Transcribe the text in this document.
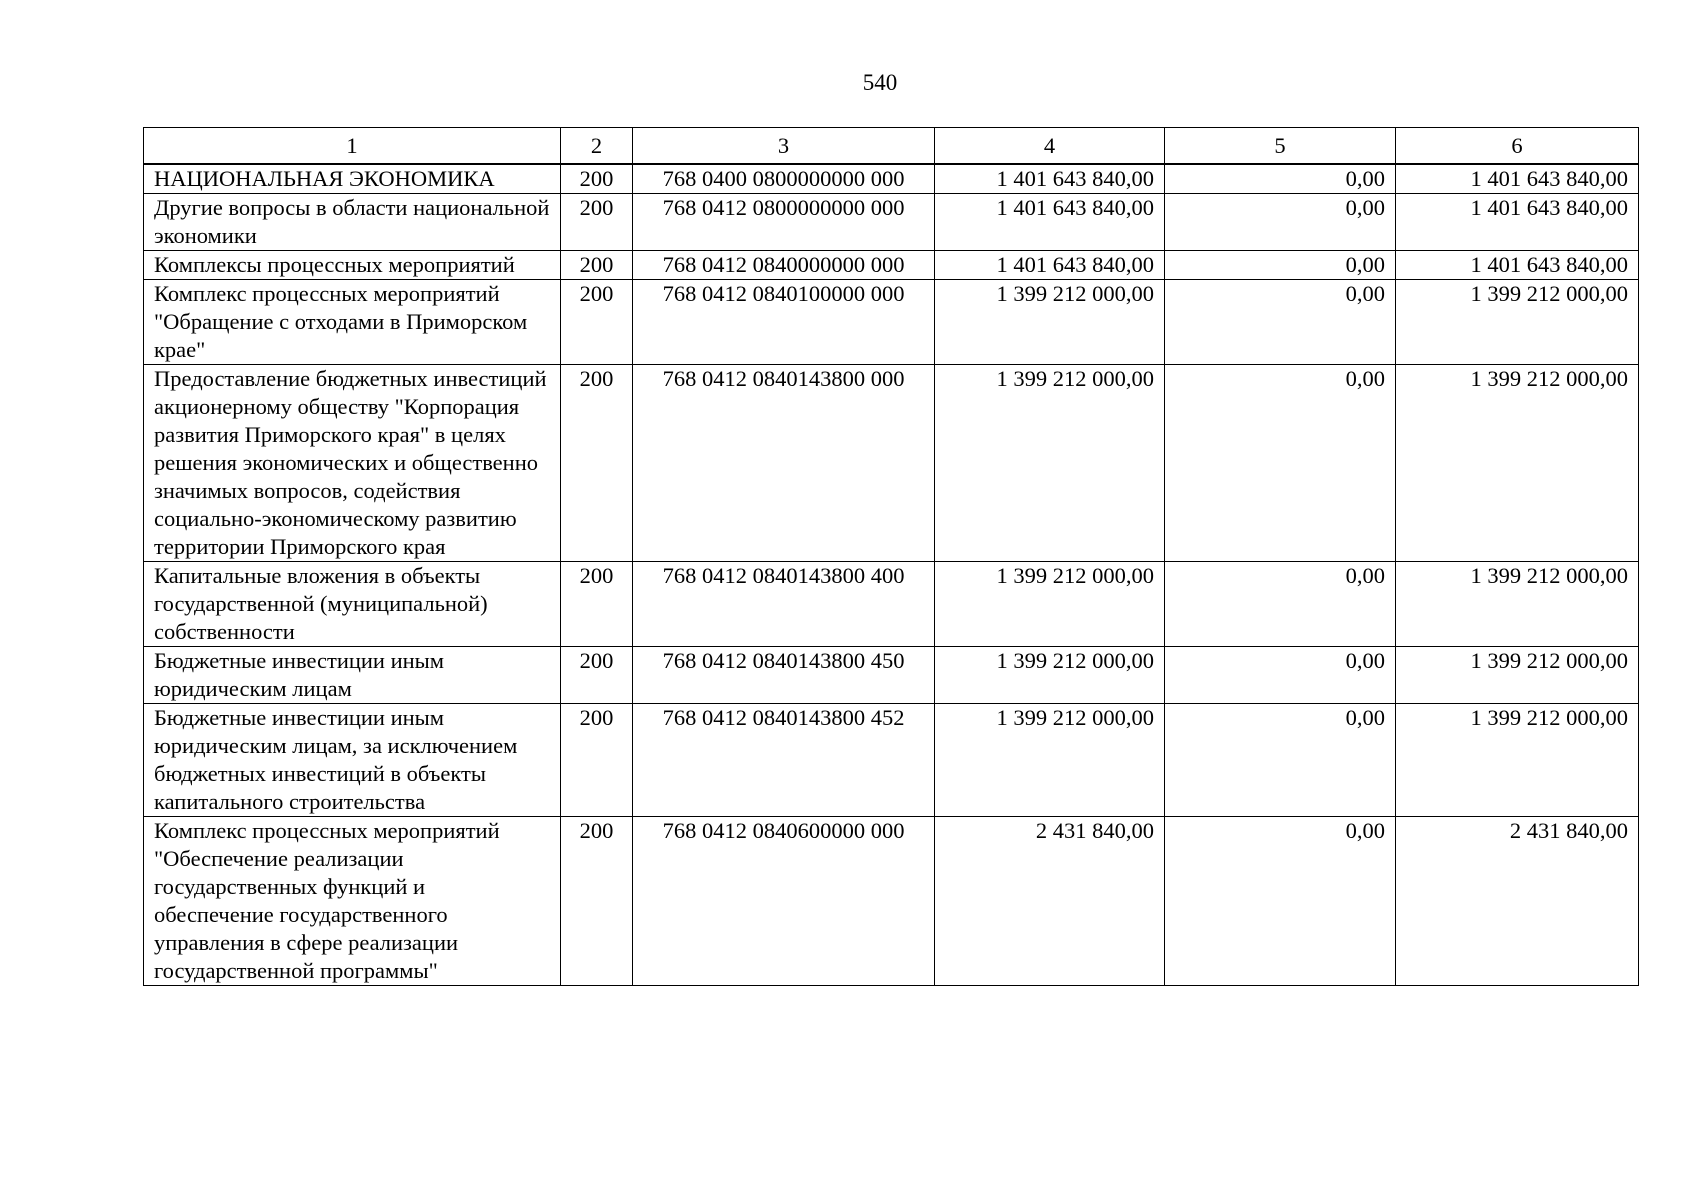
540
1	2	3	4	5	6
НАЦИОНАЛЬНАЯ ЭКОНОМИКА	200	768 0400 0800000000 000	1 401 643 840,00	0,00	1 401 643 840,00
Другие вопросы в области национальной экономики	200	768 0412 0800000000 000	1 401 643 840,00	0,00	1 401 643 840,00
Комплексы процессных мероприятий	200	768 0412 0840000000 000	1 401 643 840,00	0,00	1 401 643 840,00
Комплекс процессных мероприятий "Обращение с отходами в Приморском крае"	200	768 0412 0840100000 000	1 399 212 000,00	0,00	1 399 212 000,00
Предоставление бюджетных инвестиций акционерному обществу "Корпорация развития Приморского края" в целях решения экономических и общественно значимых вопросов, содействия социально-экономическому развитию территории Приморского края	200	768 0412 0840143800 000	1 399 212 000,00	0,00	1 399 212 000,00
Капитальные вложения в объекты государственной (муниципальной) собственности	200	768 0412 0840143800 400	1 399 212 000,00	0,00	1 399 212 000,00
Бюджетные инвестиции иным юридическим лицам	200	768 0412 0840143800 450	1 399 212 000,00	0,00	1 399 212 000,00
Бюджетные инвестиции иным юридическим лицам, за исключением бюджетных инвестиций в объекты капитального строительства	200	768 0412 0840143800 452	1 399 212 000,00	0,00	1 399 212 000,00
Комплекс процессных мероприятий "Обеспечение реализации государственных функций и обеспечение государственного управления в сфере реализации государственной программы"	200	768 0412 0840600000 000	2 431 840,00	0,00	2 431 840,00
